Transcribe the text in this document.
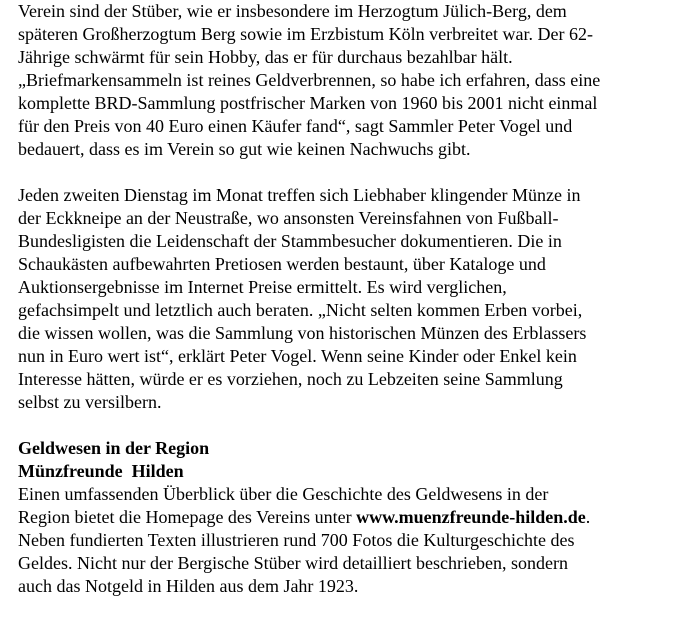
Verein sind der Stüber, wie er insbesondere im Herzogtum Jülich-Berg, dem
späteren Großherzogtum Berg sowie im Erzbistum Köln verbreitet war. Der 62-
Jährige schwärmt für sein Hobby, das er für durchaus bezahlbar hält.
„Briefmarkensammeln ist reines Geldverbrennen, so habe ich erfahren, dass eine
komplette BRD-Sammlung postfrischer Marken von 1960 bis 2001 nicht einmal
für den Preis von 40 Euro einen Käufer fand“, sagt Sammler Peter Vogel und
bedauert, dass es im Verein so gut wie keinen Nachwuchs gibt.
Jeden zweiten Dienstag im Monat treffen sich Liebhaber klingender Münze in
der Eckkneipe an der Neustraße, wo ansonsten Vereinsfahnen von Fußball-
Bundesligisten die Leidenschaft der Stammbesucher dokumentieren. Die in
Schaukästen aufbewahrten Pretiosen werden bestaunt, über Kataloge und
Auktionsergebnisse im Internet Preise ermittelt. Es wird verglichen,
gefachsimpelt und letztlich auch beraten. „Nicht selten kommen Erben vorbei,
die wissen wollen, was die Sammlung von historischen Münzen des Erblassers
nun in Euro wert ist“, erklärt Peter Vogel. Wenn seine Kinder oder Enkel kein
Interesse hätten, würde er es vorziehen, noch zu Lebzeiten seine Sammlung
selbst zu versilbern.
Geldwesen in der Region
Münzfreunde  Hilden
Einen umfassenden Überblick über die Geschichte des Geldwesens in der
Region bietet die Homepage des Vereins unter www.muenzfreunde-hilden.de.
Neben fundierten Texten illustrieren rund 700 Fotos die Kulturgeschichte des
Geldes. Nicht nur der Bergische Stüber wird detailliert beschrieben, sondern
auch das Notgeld in Hilden aus dem Jahr 1923.
